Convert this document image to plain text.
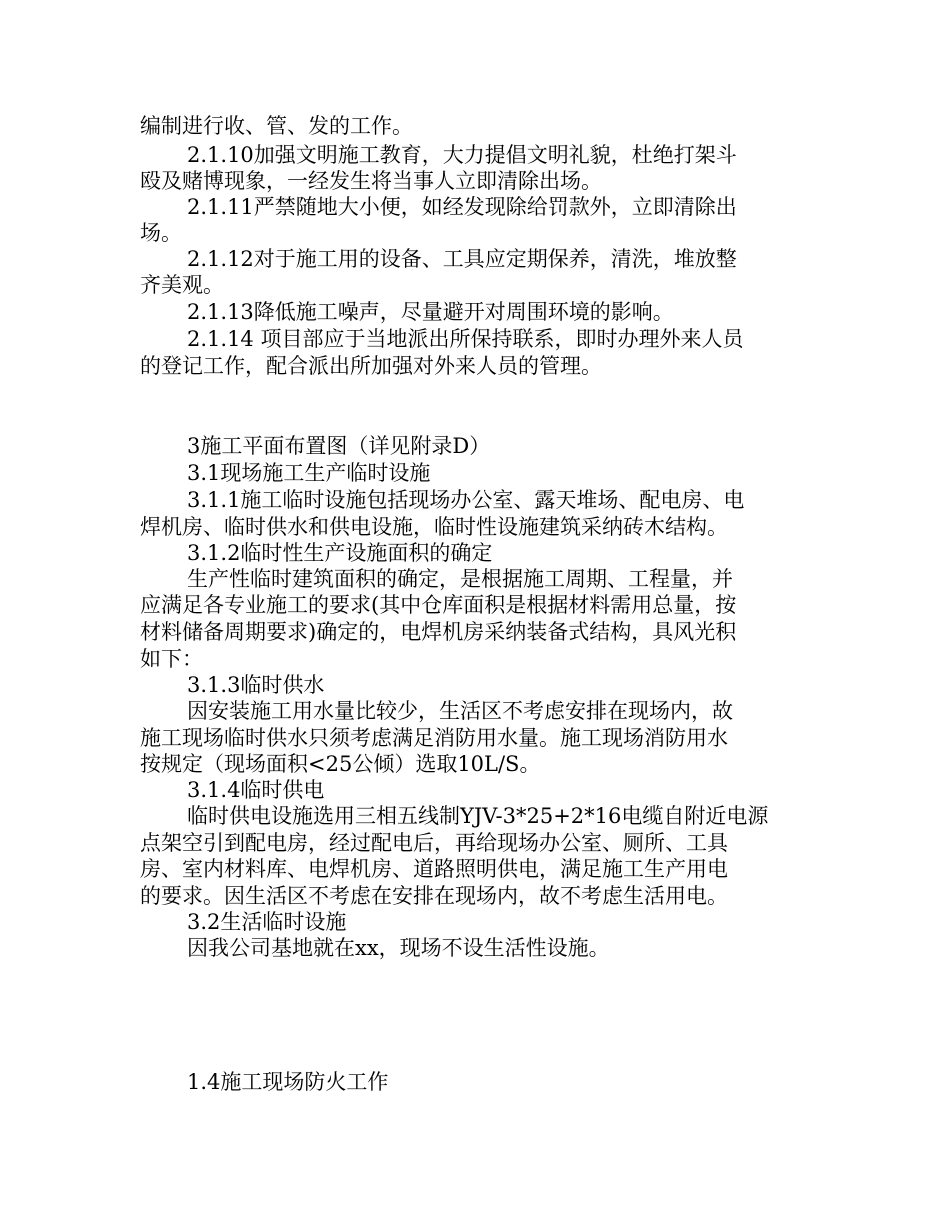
编制进行收、管、发的工作。
2.1.10加强文明施工教育，大力提倡文明礼貌，杜绝打架斗
殴及赌博现象，一经发生将当事人立即清除出场。
2.1.11严禁随地大小便，如经发现除给罚款外，立即清除出
场。
2.1.12对于施工用的设备、工具应定期保养，清洗，堆放整
齐美观。
2.1.13降低施工噪声，尽量避开对周围环境的影响。
2.1.14 项目部应于当地派出所保持联系，即时办理外来人员
的登记工作，配合派出所加强对外来人员的管理。
3施工平面布置图（详见附录D）
3.1现场施工生产临时设施
3.1.1施工临时设施包括现场办公室、露天堆场、配电房、电
焊机房、临时供水和供电设施，临时性设施建筑采纳砖木结构。
3.1.2临时性生产设施面积的确定
生产性临时建筑面积的确定，是根据施工周期、工程量，并
应满足各专业施工的要求(其中仓库面积是根据材料需用总量，按
材料储备周期要求)确定的，电焊机房采纳装备式结构，具风光积
如下：
3.1.3临时供水
因安装施工用水量比较少，生活区不考虑安排在现场内，故
施工现场临时供水只须考虑满足消防用水量。施工现场消防用水
按规定（现场面积<25公倾）选取10L/S。
3.1.4临时供电
临时供电设施选用三相五线制YJV-3*25+2*16电缆自附近电源
点架空引到配电房，经过配电后，再给现场办公室、厕所、工具
房、室内材料库、电焊机房、道路照明供电，满足施工生产用电
的要求。因生活区不考虑在安排在现场内，故不考虑生活用电。
3.2生活临时设施
因我公司基地就在xx，现场不设生活性设施。
1.4施工现场防火工作
